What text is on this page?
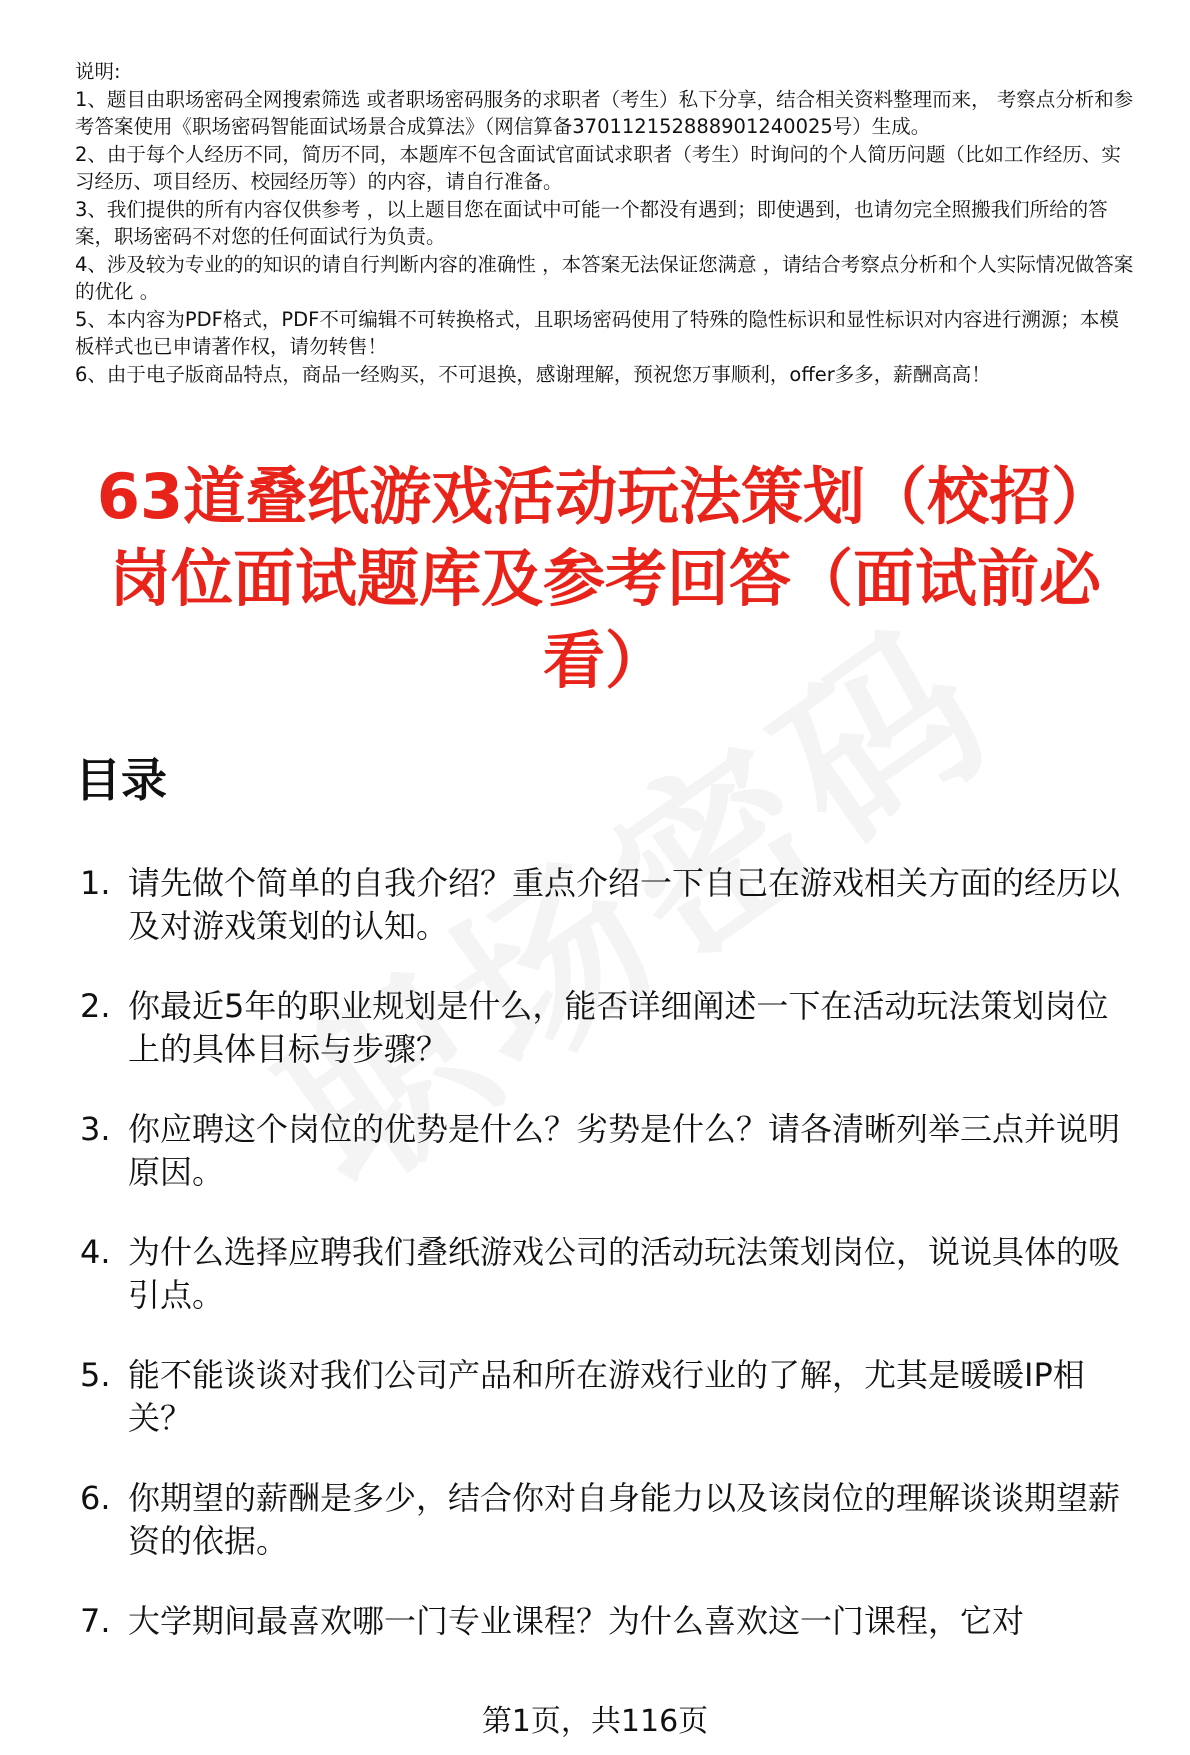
说明:

1、题目由职场密码全网搜索筛选 或者职场密码服务的求职者（考生）私下分享，结合相关资料整理而来， 考察点分析和参考答案使用《职场密码智能面试场景合成算法》（网信算备370112152888901240025号）生成。

2、由于每个人经历不同，简历不同，本题库不包含面试官面试求职者（考生）时询问的个人简历问题（比如工作经历、实习经历、项目经历、校园经历等）的内容，请自行准备。

3、我们提供的所有内容仅供参考 ，以上题目您在面试中可能一个都没有遇到；即使遇到，也请勿完全照搬我们所给的答案，职场密码不对您的任何面试行为负责。

4、涉及较为专业的的知识的请自行判断内容的准确性 ，本答案无法保证您满意 ，请结合考察点分析和个人实际情况做答案的优化 。

5、本内容为PDF格式，PDF不可编辑不可转换格式，且职场密码使用了特殊的隐性标识和显性标识对内容进行溯源；本模板样式也已申请著作权，请勿转售！

6、由于电子版商品特点，商品一经购买，不可退换，感谢理解，预祝您万事顺利，offer多多，薪酬高高！

63道叠纸游戏活动玩法策划（校招）岗位面试题库及参考回答（面试前必看）
目录
1. 请先做个简单的自我介绍？重点介绍一下自己在游戏相关方面的经历以及对游戏策划的认知。
2. 你最近5年的职业规划是什么，能否详细阐述一下在活动玩法策划岗位上的具体目标与步骤？
3. 你应聘这个岗位的优势是什么？劣势是什么？请各清晰列举三点并说明原因。
4. 为什么选择应聘我们叠纸游戏公司的活动玩法策划岗位，说说具体的吸引点。
5. 能不能谈谈对我们公司产品和所在游戏行业的了解，尤其是暖暖IP相关？
6. 你期望的薪酬是多少，结合你对自身能力以及该岗位的理解谈谈期望薪资的依据。
7. 大学期间最喜欢哪一门专业课程？为什么喜欢这一门课程，它对
第1页，共116页
